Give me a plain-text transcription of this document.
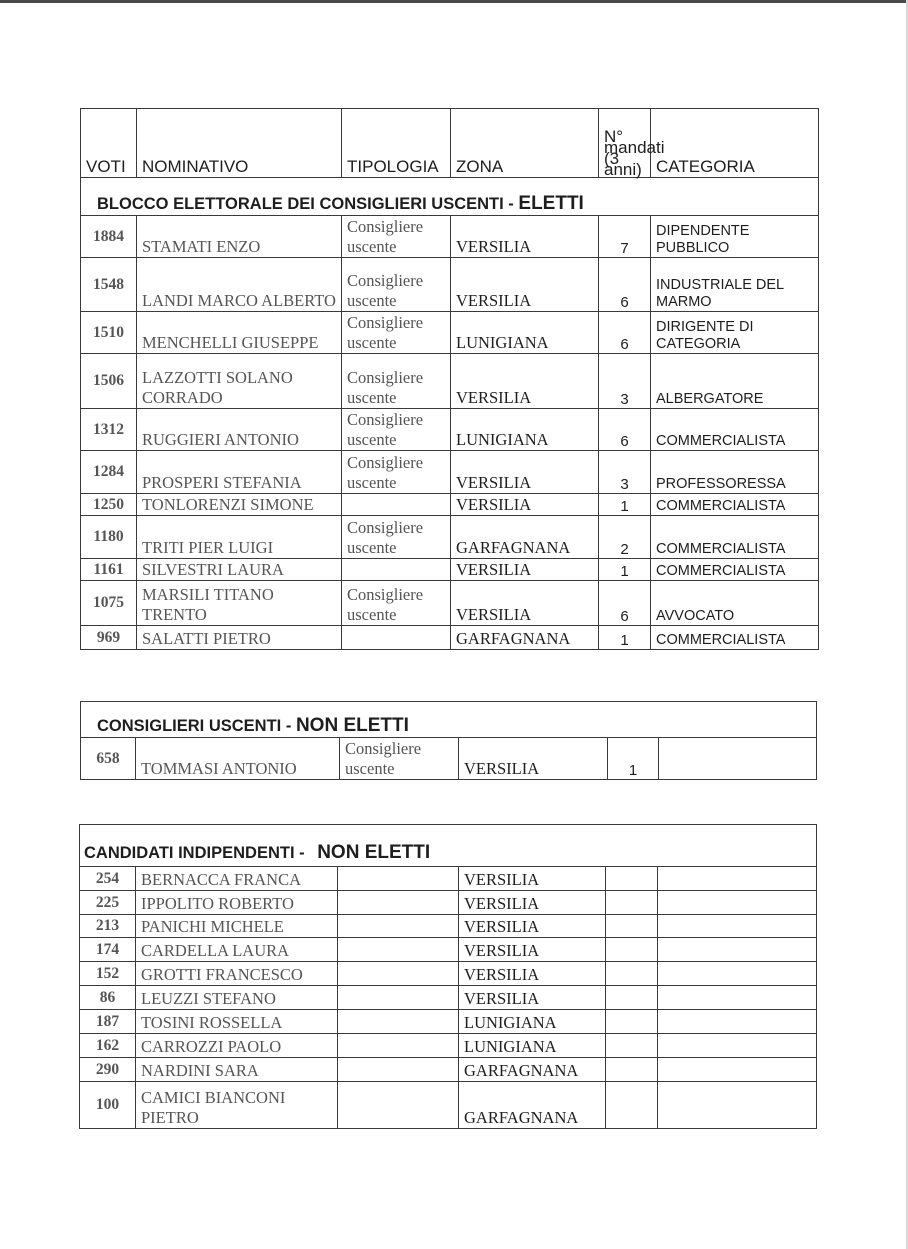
VOTI	NOMINATIVO	TIPOLOGIA	ZONA	N° mandati (3 anni)	CATEGORIA
BLOCCO ELETTORALE DEI CONSIGLIERI USCENTI - ELETTI					
1884	STAMATI ENZO	Consigliere uscente	VERSILIA	7	DIPENDENTE PUBBLICO
1548	LANDI MARCO ALBERTO	Consigliere uscente	VERSILIA	6	INDUSTRIALE DEL MARMO
1510	MENCHELLI GIUSEPPE	Consigliere uscente	LUNIGIANA	6	DIRIGENTE DI CATEGORIA
1506	LAZZOTTI SOLANO CORRADO	Consigliere uscente	VERSILIA	3	ALBERGATORE
1312	RUGGIERI ANTONIO	Consigliere uscente	LUNIGIANA	6	COMMERCIALISTA
1284	PROSPERI STEFANIA	Consigliere uscente	VERSILIA	3	PROFESSORESSA
1250	TONLORENZI SIMONE		VERSILIA	1	COMMERCIALISTA
1180	TRITI PIER LUIGI	Consigliere uscente	GARFAGNANA	2	COMMERCIALISTA
1161	SILVESTRI LAURA		VERSILIA	1	COMMERCIALISTA
1075	MARSILI TITANO TRENTO	Consigliere uscente	VERSILIA	6	AVVOCATO
969	SALATTI PIETRO		GARFAGNANA	1	COMMERCIALISTA
CONSIGLIERI USCENTI - NON ELETTI
658	TOMMASI ANTONIO	Consigliere uscente	VERSILIA	1	
CANDIDATI INDIPENDENTI - NON ELETTI					
254	BERNACCA FRANCA		VERSILIA		
225	IPPOLITO ROBERTO		VERSILIA		
213	PANICHI MICHELE		VERSILIA		
174	CARDELLA LAURA		VERSILIA		
152	GROTTI FRANCESCO		VERSILIA		
86	LEUZZI STEFANO		VERSILIA		
187	TOSINI ROSSELLA		LUNIGIANA		
162	CARROZZI PAOLO		LUNIGIANA		
290	NARDINI SARA		GARFAGNANA		
100	CAMICI BIANCONI PIETRO		GARFAGNANA		
